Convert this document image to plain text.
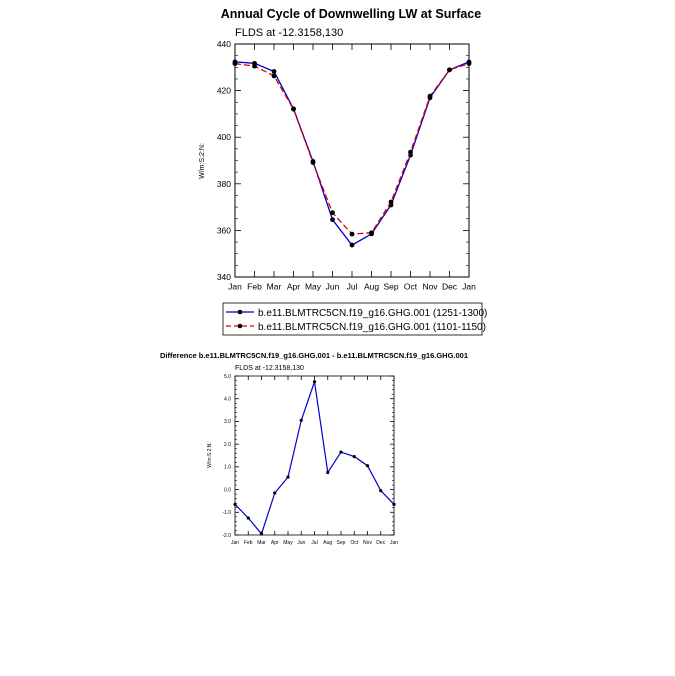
Annual Cycle of Downwelling LW at Surface
FLDS at -12.3158,130
W/m:S:2:N:
340
360
380
400
420
440
Jan Feb Mar Apr May Jun Jul Aug Sep Oct Nov Dec Jan
b.e11.BLMTRC5CN.f19_g16.GHG.001 (1251-1300)
b.e11.BLMTRC5CN.f19_g16.GHG.001 (1101-1150)
Difference b.e11.BLMTRC5CN.f19_g16.GHG.001 - b.e11.BLMTRC5CN.f19_g16.GHG.001
FLDS at -12.3158,130
W/m:S:2:N:
-2.0
-1.0
0.0
1.0
2.0
3.0
4.0
5.0
Jan Feb Mar Apr May Jun Jul Aug Sep Oct Nov Dec Jan
